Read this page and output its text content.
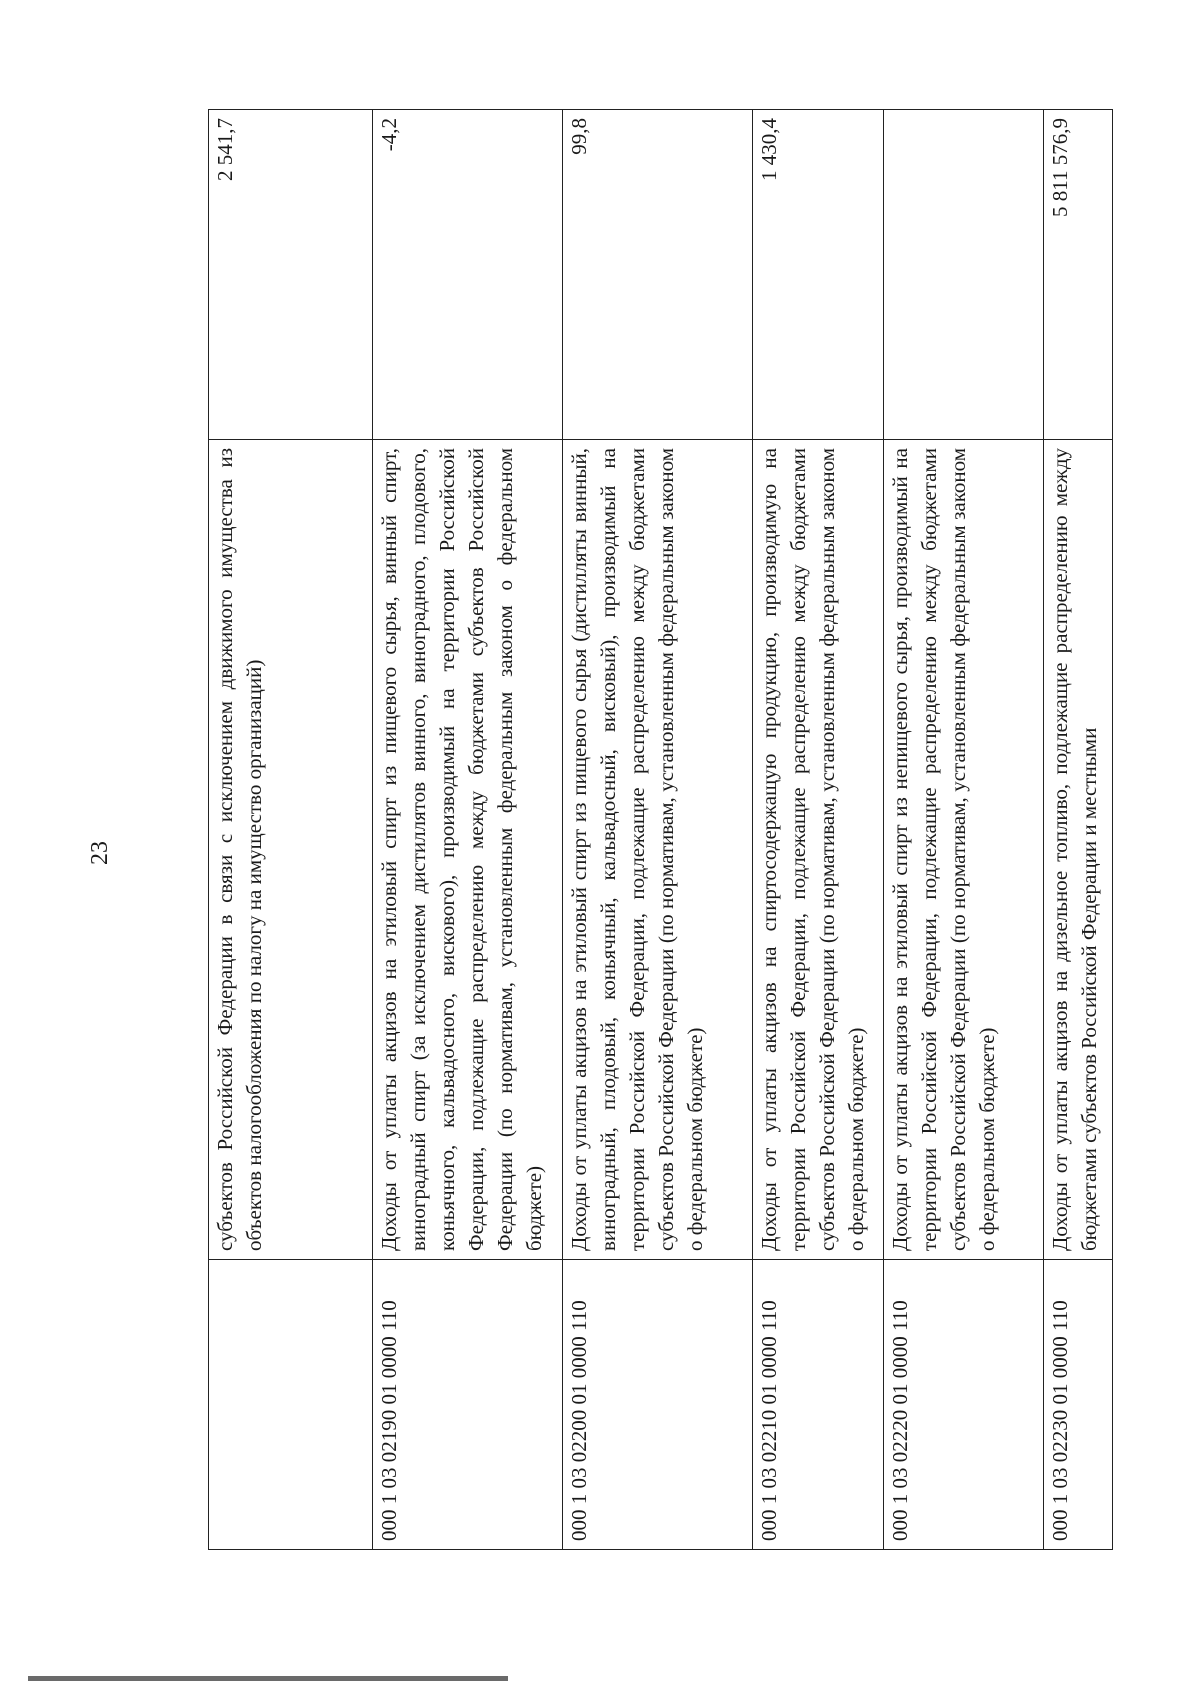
23
		субъектов Российской Федерации в связи с исключением движимого имущества из объектов налогообложения по налогу на имущество организаций)	2 541,7
000 1 03 02190 01 0000 110	Доходы от уплаты акцизов на этиловый спирт из пищевого сырья, винный спирт, виноградный спирт (за исключением дистиллятов винного, виноградного, плодового, коньячного, кальвадосного, вискового), производимый на территории Российской Федерации, подлежащие распределению между бюджетами субъектов Российской Федерации (по нормативам, установленным федеральным законом о федеральном бюджете)	-4,2
000 1 03 02200 01 0000 110	Доходы от уплаты акцизов на этиловый спирт из пищевого сырья (дистилляты винный, виноградный, плодовый, коньячный, кальвадосный, висковый), производимый на территории Российской Федерации, подлежащие распределению между бюджетами субъектов Российской Федерации (по нормативам, установленным федеральным законом о федеральном бюджете)	99,8
000 1 03 02210 01 0000 110	Доходы от уплаты акцизов на спиртосодержащую продукцию, производимую на территории Российской Федерации, подлежащие распределению между бюджетами субъектов Российской Федерации (по нормативам, установленным федеральным законом о федеральном бюджете)	1 430,4
000 1 03 02220 01 0000 110	Доходы от уплаты акцизов на этиловый спирт из непищевого сырья, производимый на территории Российской Федерации, подлежащие распределению между бюджетами субъектов Российской Федерации (по нормативам, установленным федеральным законом о федеральном бюджете)	
000 1 03 02230 01 0000 110	Доходы от уплаты акцизов на дизельное топливо, подлежащие распределению между бюджетами субъектов Российской Федерации и местными	5 811 576,9
